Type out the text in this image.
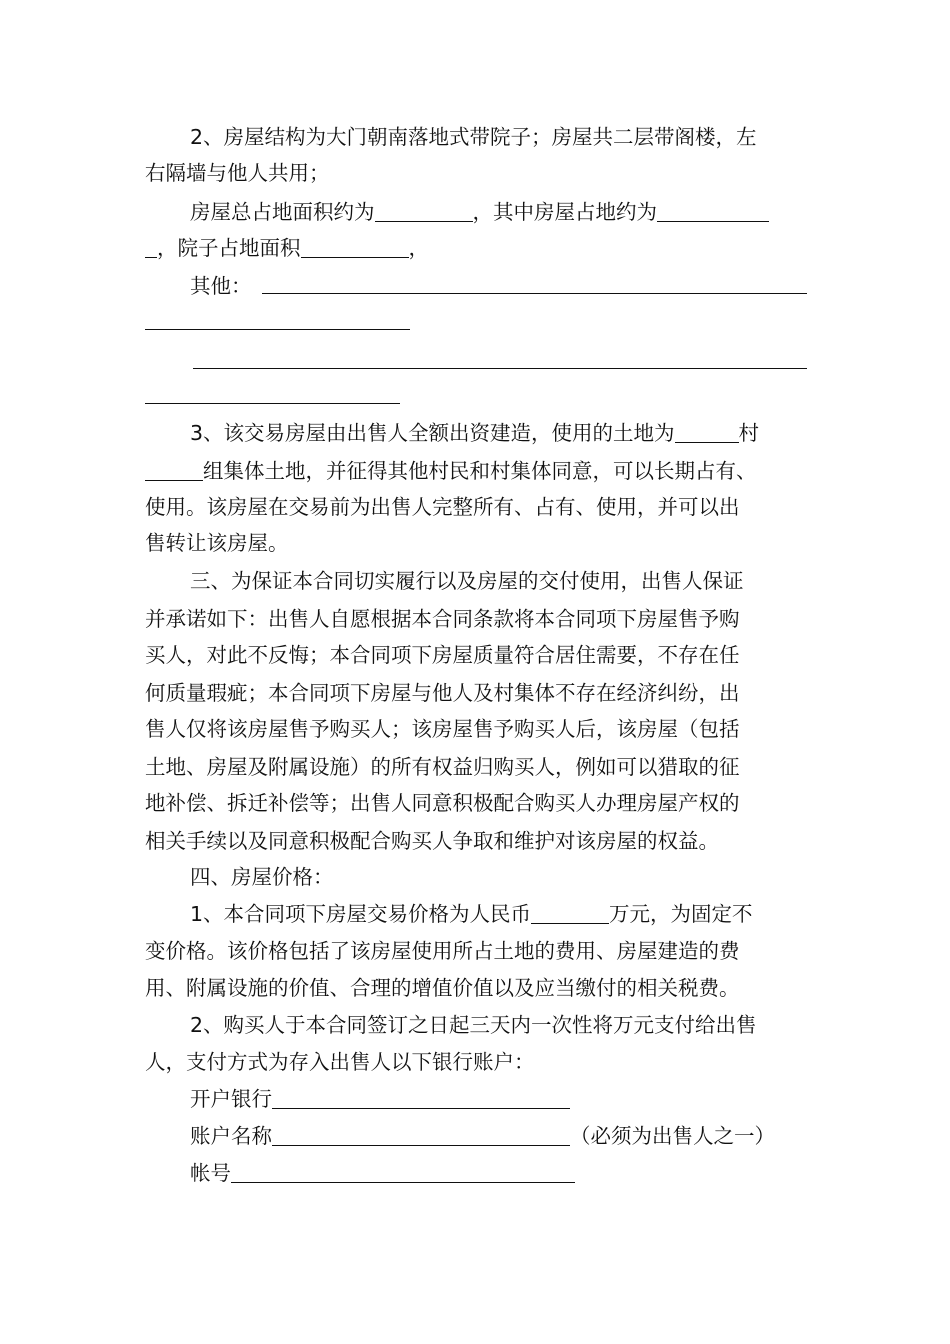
2、房屋结构为大门朝南落地式带院子；房屋共二层带阁楼，左

右隔墙与他人共用；

房屋总占地面积约为	，其中房屋占地约为

，院子占地面积	，

其他：

3、该交易房屋由出售人全额出资建造，使用的土地为	村

组集体土地，并征得其他村民和村集体同意，可以长期占有、

使用。该房屋在交易前为出售人完整所有、占有、使用，并可以出

售转让该房屋。

三、为保证本合同切实履行以及房屋的交付使用，出售人保证

并承诺如下：出售人自愿根据本合同条款将本合同项下房屋售予购

买人，对此不反悔；本合同项下房屋质量符合居住需要，不存在任

何质量瑕疵；本合同项下房屋与他人及村集体不存在经济纠纷，出

售人仅将该房屋售予购买人；该房屋售予购买人后，该房屋（包括

土地、房屋及附属设施）的所有权益归购买人，例如可以猎取的征

地补偿、拆迁补偿等；出售人同意积极配合购买人办理房屋产权的

相关手续以及同意积极配合购买人争取和维护对该房屋的权益。

四、房屋价格：

1、本合同项下房屋交易价格为人民币	万元，为固定不

变价格。该价格包括了该房屋使用所占土地的费用、房屋建造的费

用、附属设施的价值、合理的增值价值以及应当缴付的相关税费。

2、购买人于本合同签订之日起三天内一次性将万元支付给出售

人，支付方式为存入出售人以下银行账户：

开户银行

账户名称	（必须为出售人之一）

帐号
